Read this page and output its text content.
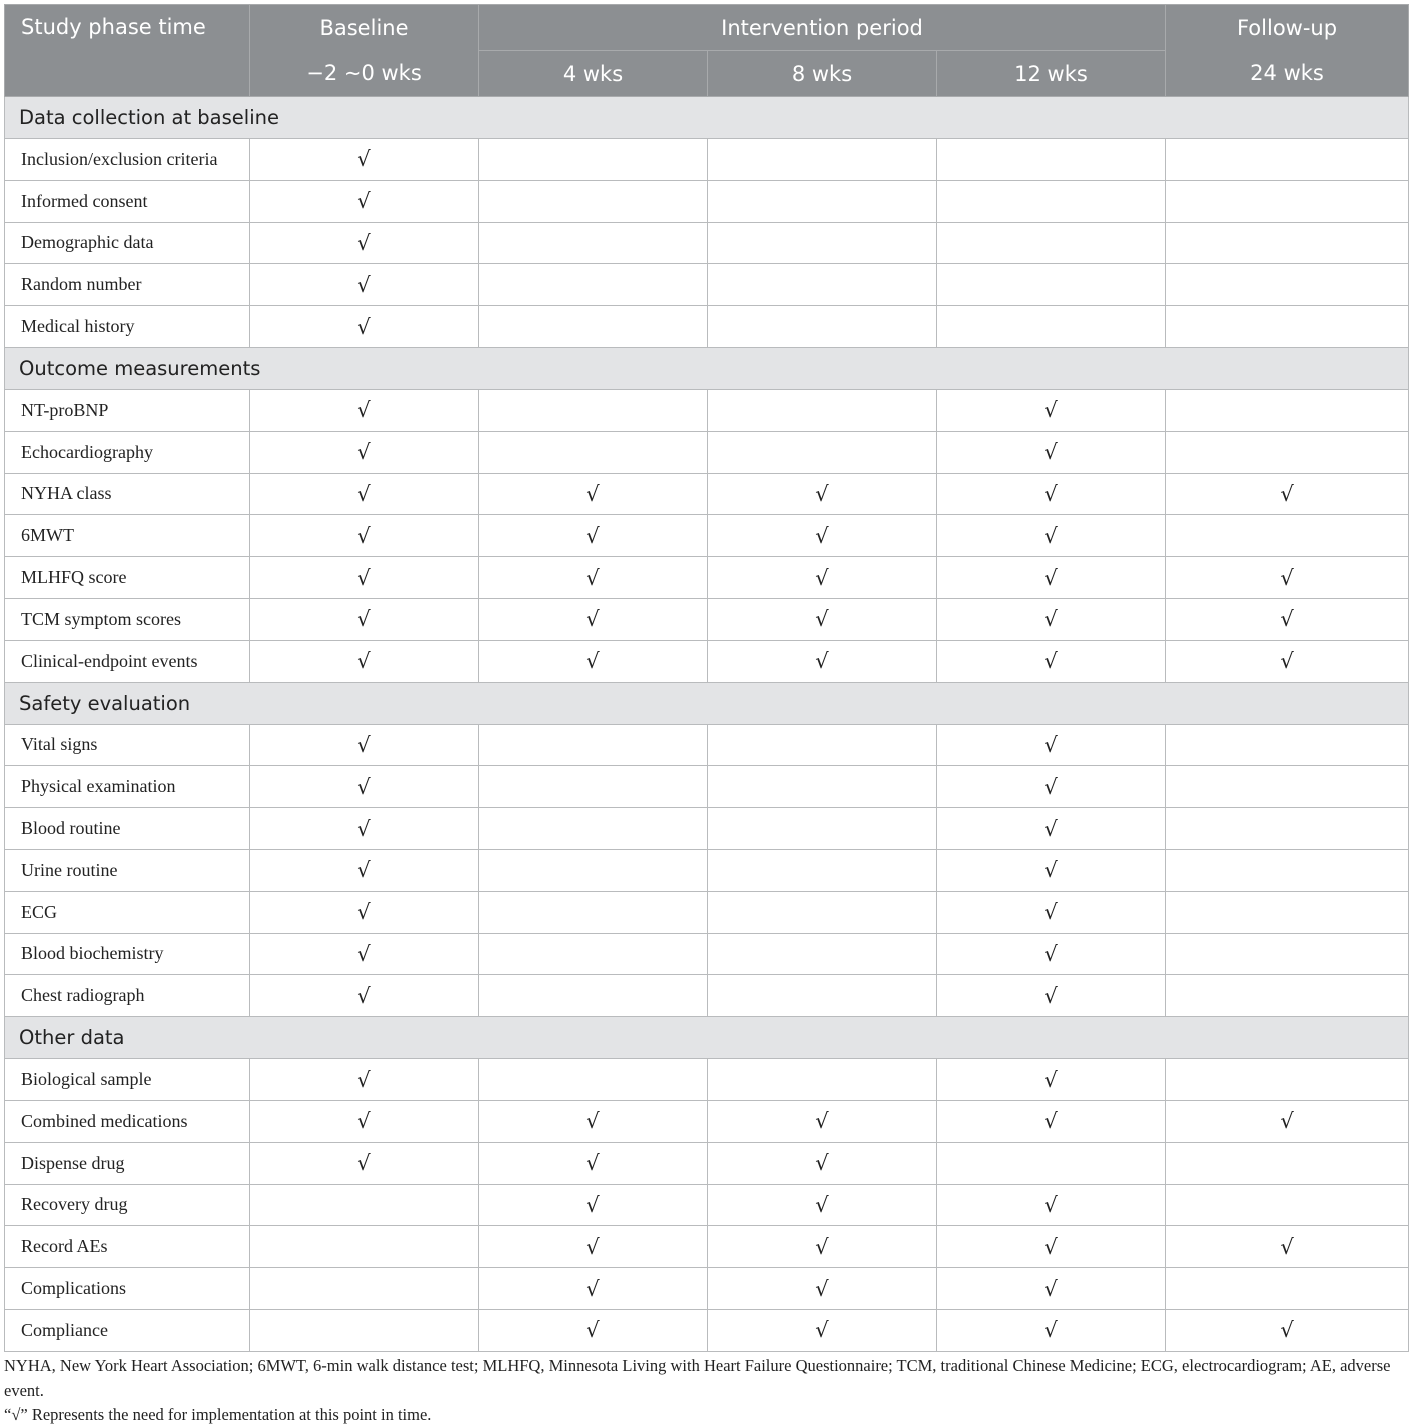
Study phase time	Baseline	Intervention period			Follow-up
	−2 ∼0 wks	4 wks	8 wks	12 wks	24 wks
Data collection at baseline					
Inclusion/exclusion criteria	√				
Informed consent	√				
Demographic data	√				
Random number	√				
Medical history	√				
Outcome measurements					
NT-proBNP	√			√	
Echocardiography	√			√	
NYHA class	√	√	√	√	√
6MWT	√	√	√	√	
MLHFQ score	√	√	√	√	√
TCM symptom scores	√	√	√	√	√
Clinical-endpoint events	√	√	√	√	√
Safety evaluation					
Vital signs	√			√	
Physical examination	√			√	
Blood routine	√			√	
Urine routine	√			√	
ECG	√			√	
Blood biochemistry	√			√	
Chest radiograph	√			√	
Other data					
Biological sample	√			√	
Combined medications	√	√	√	√	√
Dispense drug	√	√	√		
Recovery drug		√	√	√	
Record AEs		√	√	√	√
Complications		√	√	√	
Compliance		√	√	√	√
NYHA, New York Heart Association; 6MWT, 6-min walk distance test; MLHFQ, Minnesota Living with Heart Failure Questionnaire; TCM, traditional Chinese Medicine; ECG, electrocardiogram; AE, adverse event.
“√” Represents the need for implementation at this point in time.
